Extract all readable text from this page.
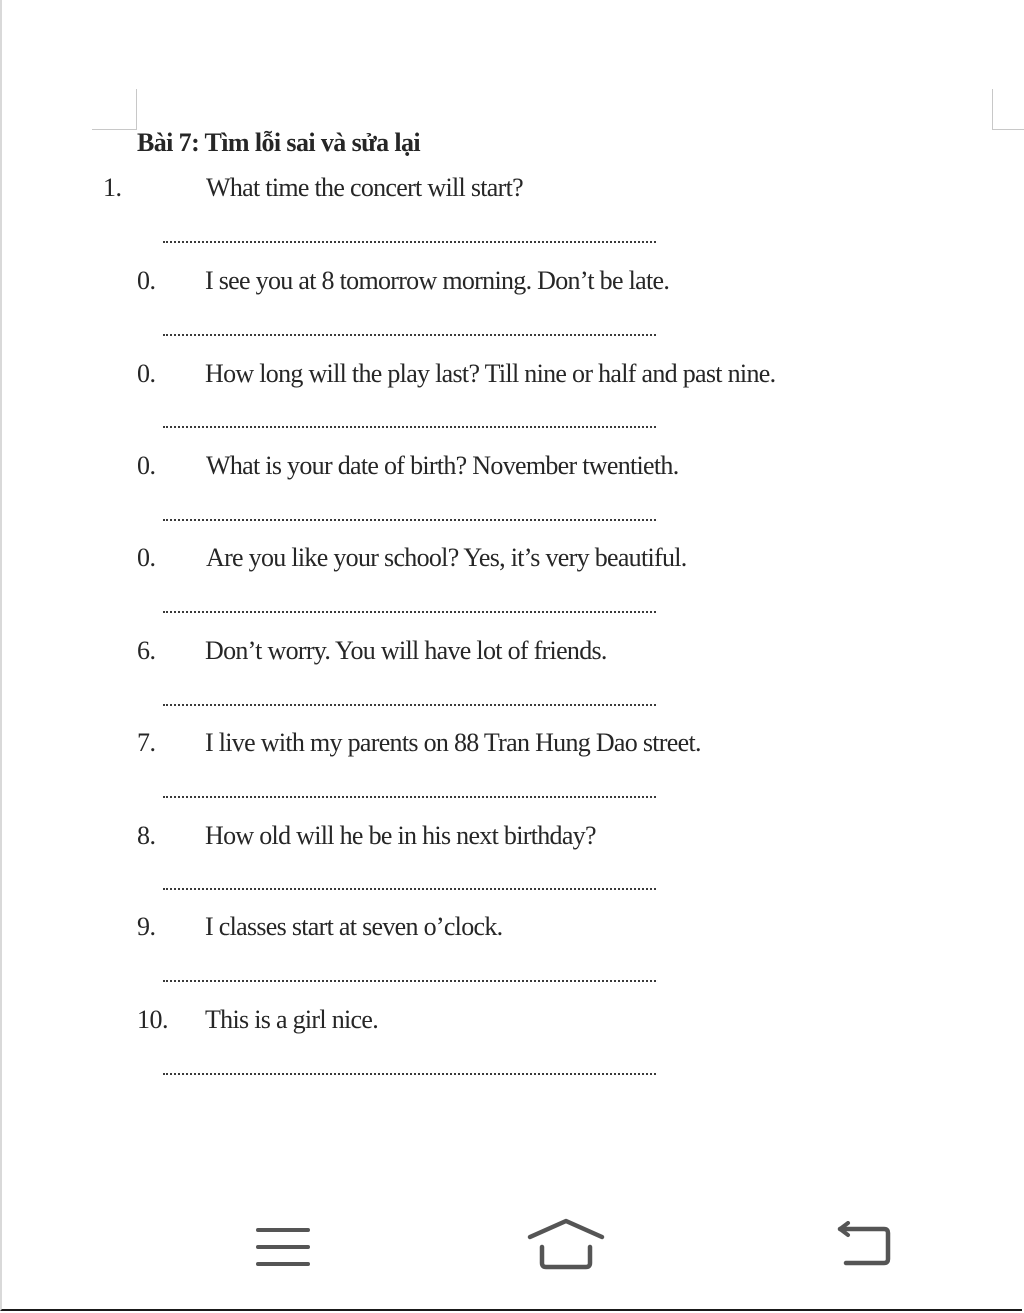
Bài 7: Tìm lỗi sai và sửa lại
1.	What time the concert will start?
0. I see you at 8 tomorrow morning. Don’t be late.
0. How long will the play last? Till nine or half and past nine.
0. What is your date of birth? November twentieth.
0. Are you like your school? Yes, it’s very beautiful.
6. Don’t worry. You will have lot of friends.
7. I live with my parents on 88 Tran Hung Dao street.
8. How old will he be in his next birthday?
9. I classes start at seven o’clock.
10. This is a girl nice.
